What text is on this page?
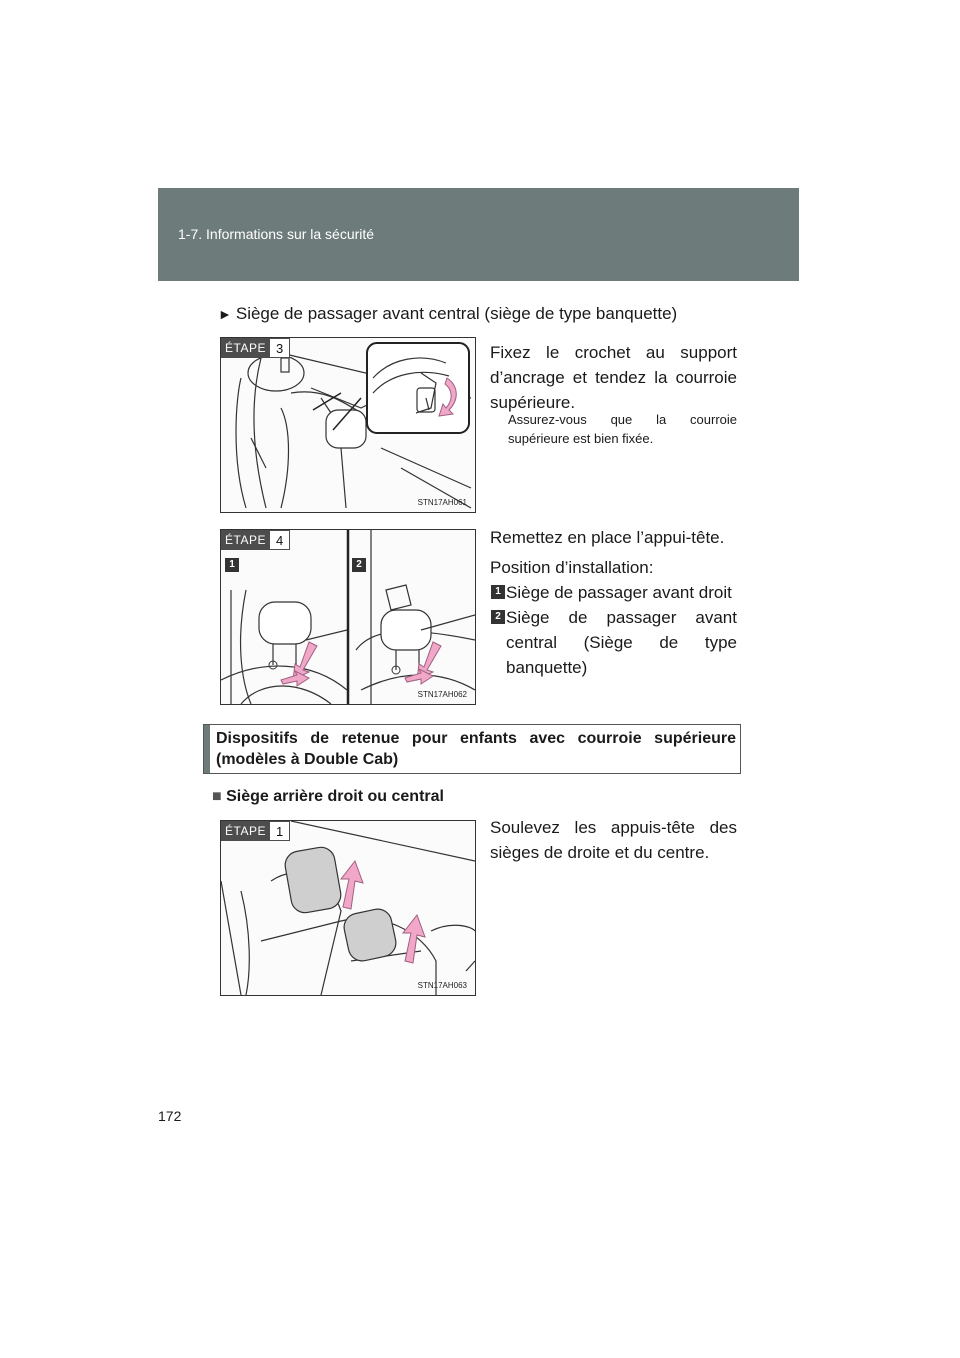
1-7. Informations sur la sécurité
► Siège de passager avant central (siège de type banquette)
ÉTAPE 3
STN17AH061
Fixez le crochet au support d’ancrage et tendez la courroie supérieure.
Assurez-vous que la courroie supérieure est bien fixée.
ÉTAPE 4
1	2
STN17AH062
Remettez en place l’appui-tête.
Position d’installation:
1 Siège de passager avant droit
2 Siège de passager avant central (Siège de type banquette)
Dispositifs de retenue pour enfants avec courroie supérieure (modèles à Double Cab)
■ Siège arrière droit ou central
ÉTAPE 1
STN17AH063
Soulevez les appuis-tête des sièges de droite et du centre.
172
